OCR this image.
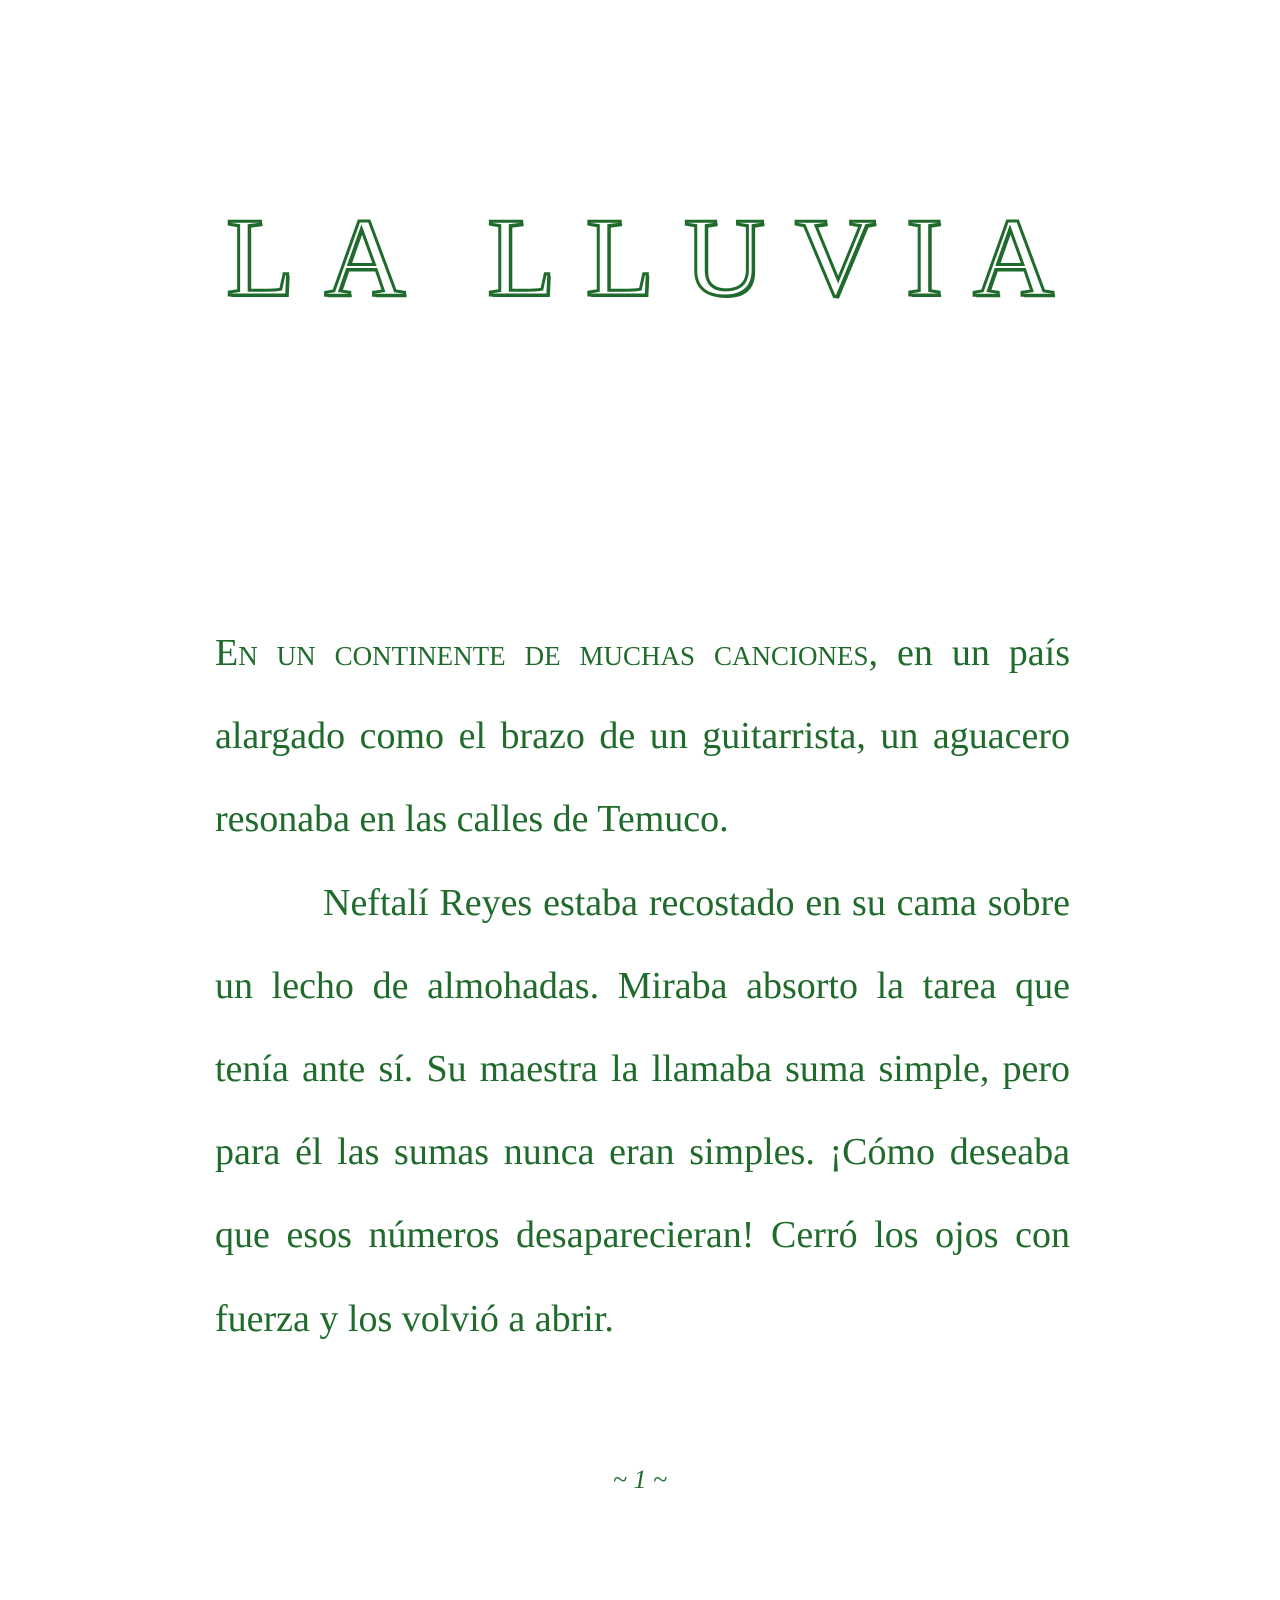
LA LLUVIA

En un continente de muchas canciones, en un país alargado como el brazo de un guitarrista, un aguacero resonaba en las calles de Temuco.

Neftalí Reyes estaba recostado en su cama sobre un lecho de almohadas. Miraba absorto la tarea que tenía ante sí. Su maestra la llamaba suma simple, pero para él las sumas nunca eran simples. ¡Cómo deseaba que esos números desaparecieran! Cerró los ojos con fuerza y los volvió a abrir.

~ 1 ~
